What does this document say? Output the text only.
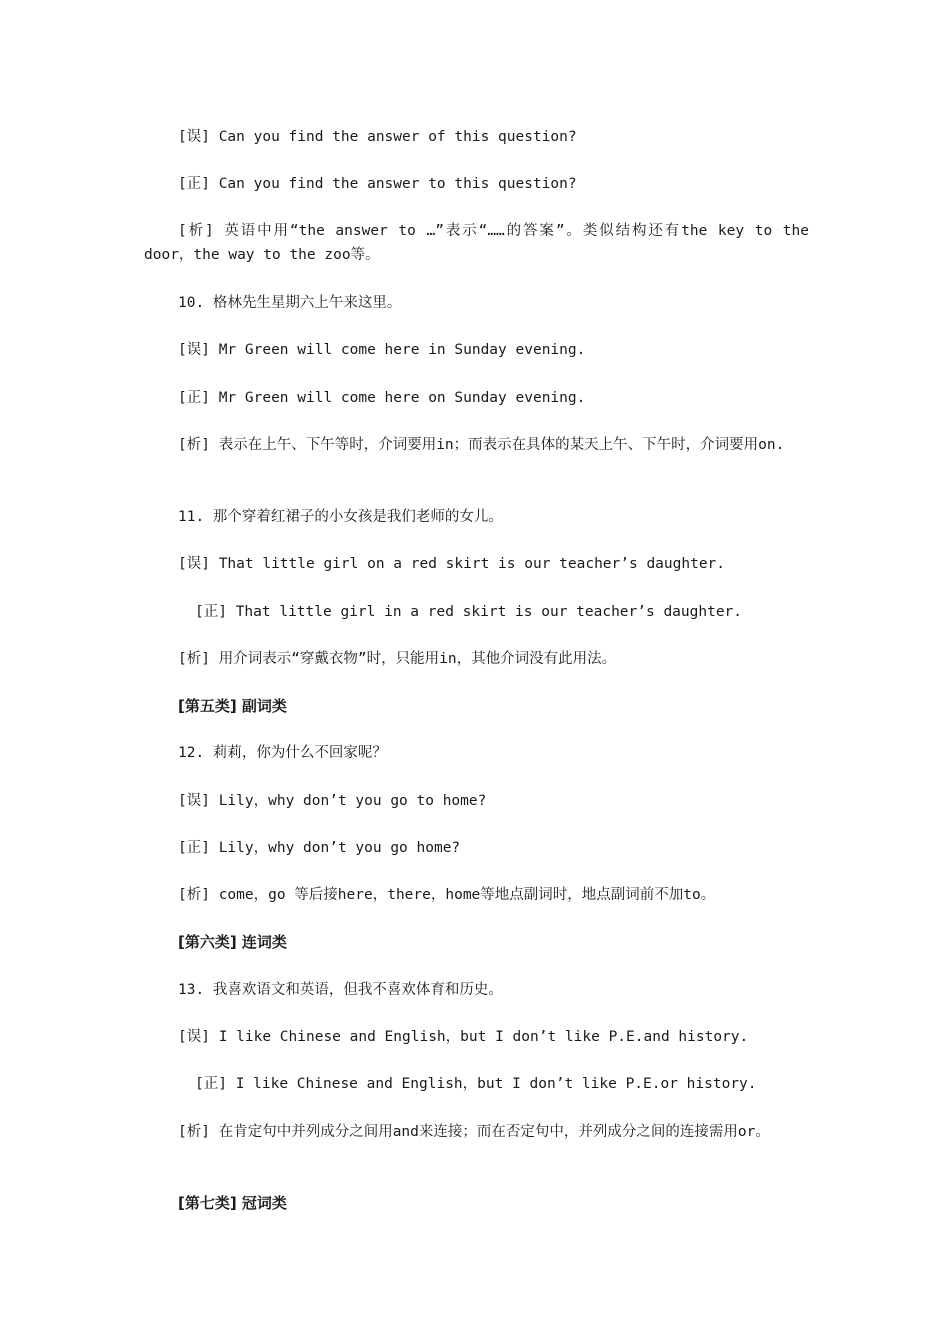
[误] Can you find the answer of this question?
[正] Can you find the answer to this question?
[析] 英语中用“the answer to …”表示“……的答案”。类似结构还有the key to the door，the way to the zoo等。
10. 格林先生星期六上午来这里。
[误] Mr Green will come here in Sunday evening.
[正] Mr Green will come here on Sunday evening.
[析] 表示在上午、下午等时，介词要用in；而表示在具体的某天上午、下午时，介词要用on.
11. 那个穿着红裙子的小女孩是我们老师的女儿。
[误] That little girl on a red skirt is our teacher’s daughter.
[正] That little girl in a red skirt is our teacher’s daughter.
[析] 用介词表示“穿戴衣物”时，只能用in，其他介词没有此用法。
[第五类] 副词类
12. 莉莉，你为什么不回家呢？
[误] Lily，why don’t you go to home?
[正] Lily，why don’t you go home?
[析] come，go 等后接here，there，home等地点副词时，地点副词前不加to。
[第六类] 连词类
13. 我喜欢语文和英语，但我不喜欢体育和历史。
[误] I like Chinese and English，but I don’t like P.E.and history.
[正] I like Chinese and English，but I don’t like P.E.or history.
[析] 在肯定句中并列成分之间用and来连接；而在否定句中，并列成分之间的连接需用or。
[第七类] 冠词类
